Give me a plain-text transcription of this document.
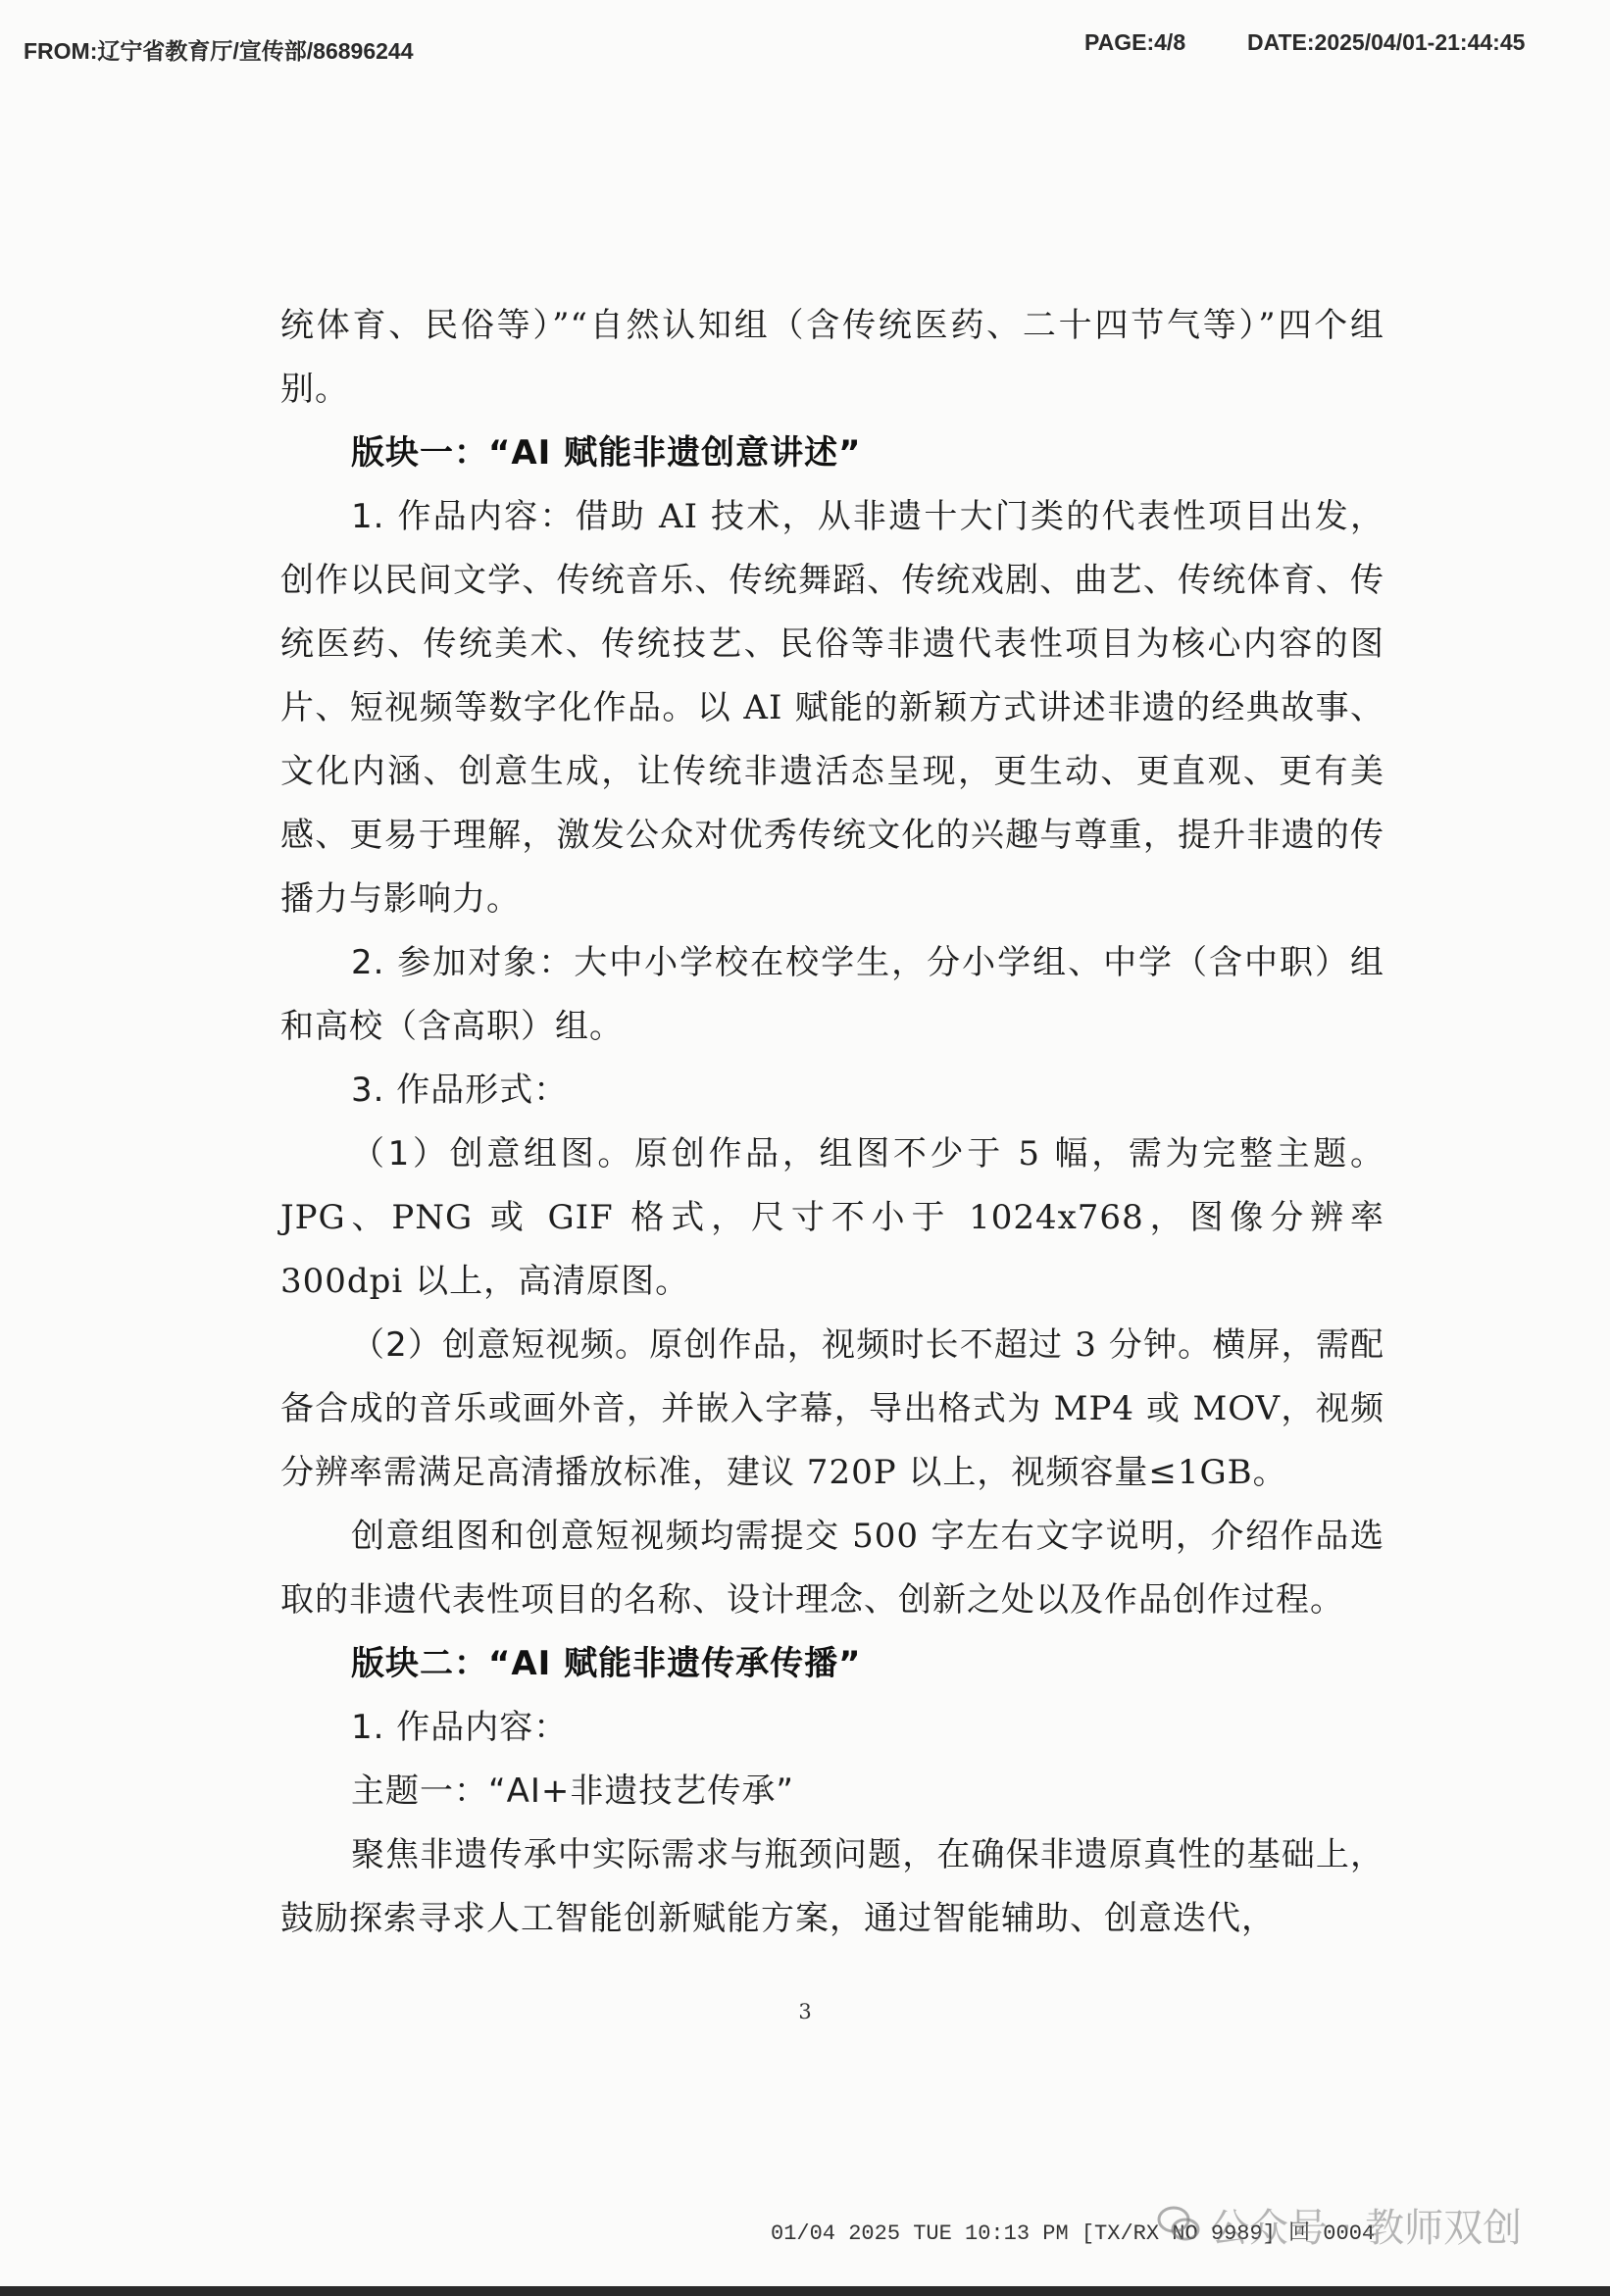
FROM:辽宁省教育厅/宣传部/86896244	PAGE:4/8	DATE:2025/04/01-21:44:45

统体育、民俗等）”“自然认知组（含传统医药、二十四节气等）”四个组别。

版块一：“AI 赋能非遗创意讲述”

1. 作品内容：借助 AI 技术，从非遗十大门类的代表性项目出发，创作以民间文学、传统音乐、传统舞蹈、传统戏剧、曲艺、传统体育、传统医药、传统美术、传统技艺、民俗等非遗代表性项目为核心内容的图片、短视频等数字化作品。以 AI 赋能的新颖方式讲述非遗的经典故事、文化内涵、创意生成，让传统非遗活态呈现，更生动、更直观、更有美感、更易于理解，激发公众对优秀传统文化的兴趣与尊重，提升非遗的传播力与影响力。

2. 参加对象：大中小学校在校学生，分小学组、中学（含中职）组和高校（含高职）组。

3. 作品形式：

（1）创意组图。原创作品，组图不少于 5 幅，需为完整主题。JPG、PNG 或 GIF 格式，尺寸不小于 1024x768，图像分辨率 300dpi 以上，高清原图。

（2）创意短视频。原创作品，视频时长不超过 3 分钟。横屏，需配备合成的音乐或画外音，并嵌入字幕，导出格式为 MP4 或 MOV，视频分辨率需满足高清播放标准，建议 720P 以上，视频容量≤1GB。

创意组图和创意短视频均需提交 500 字左右文字说明，介绍作品选取的非遗代表性项目的名称、设计理念、创新之处以及作品创作过程。

版块二：“AI 赋能非遗传承传播”

1. 作品内容：

主题一：“AI+非遗技艺传承”

聚焦非遗传承中实际需求与瓶颈问题，在确保非遗原真性的基础上，鼓励探索寻求人工智能创新赋能方案，通过智能辅助、创意迭代，

3
01/04 2025 TUE 10:13 PM [TX/RX NO 9989] 回 0004
公众号 · 教师双创
